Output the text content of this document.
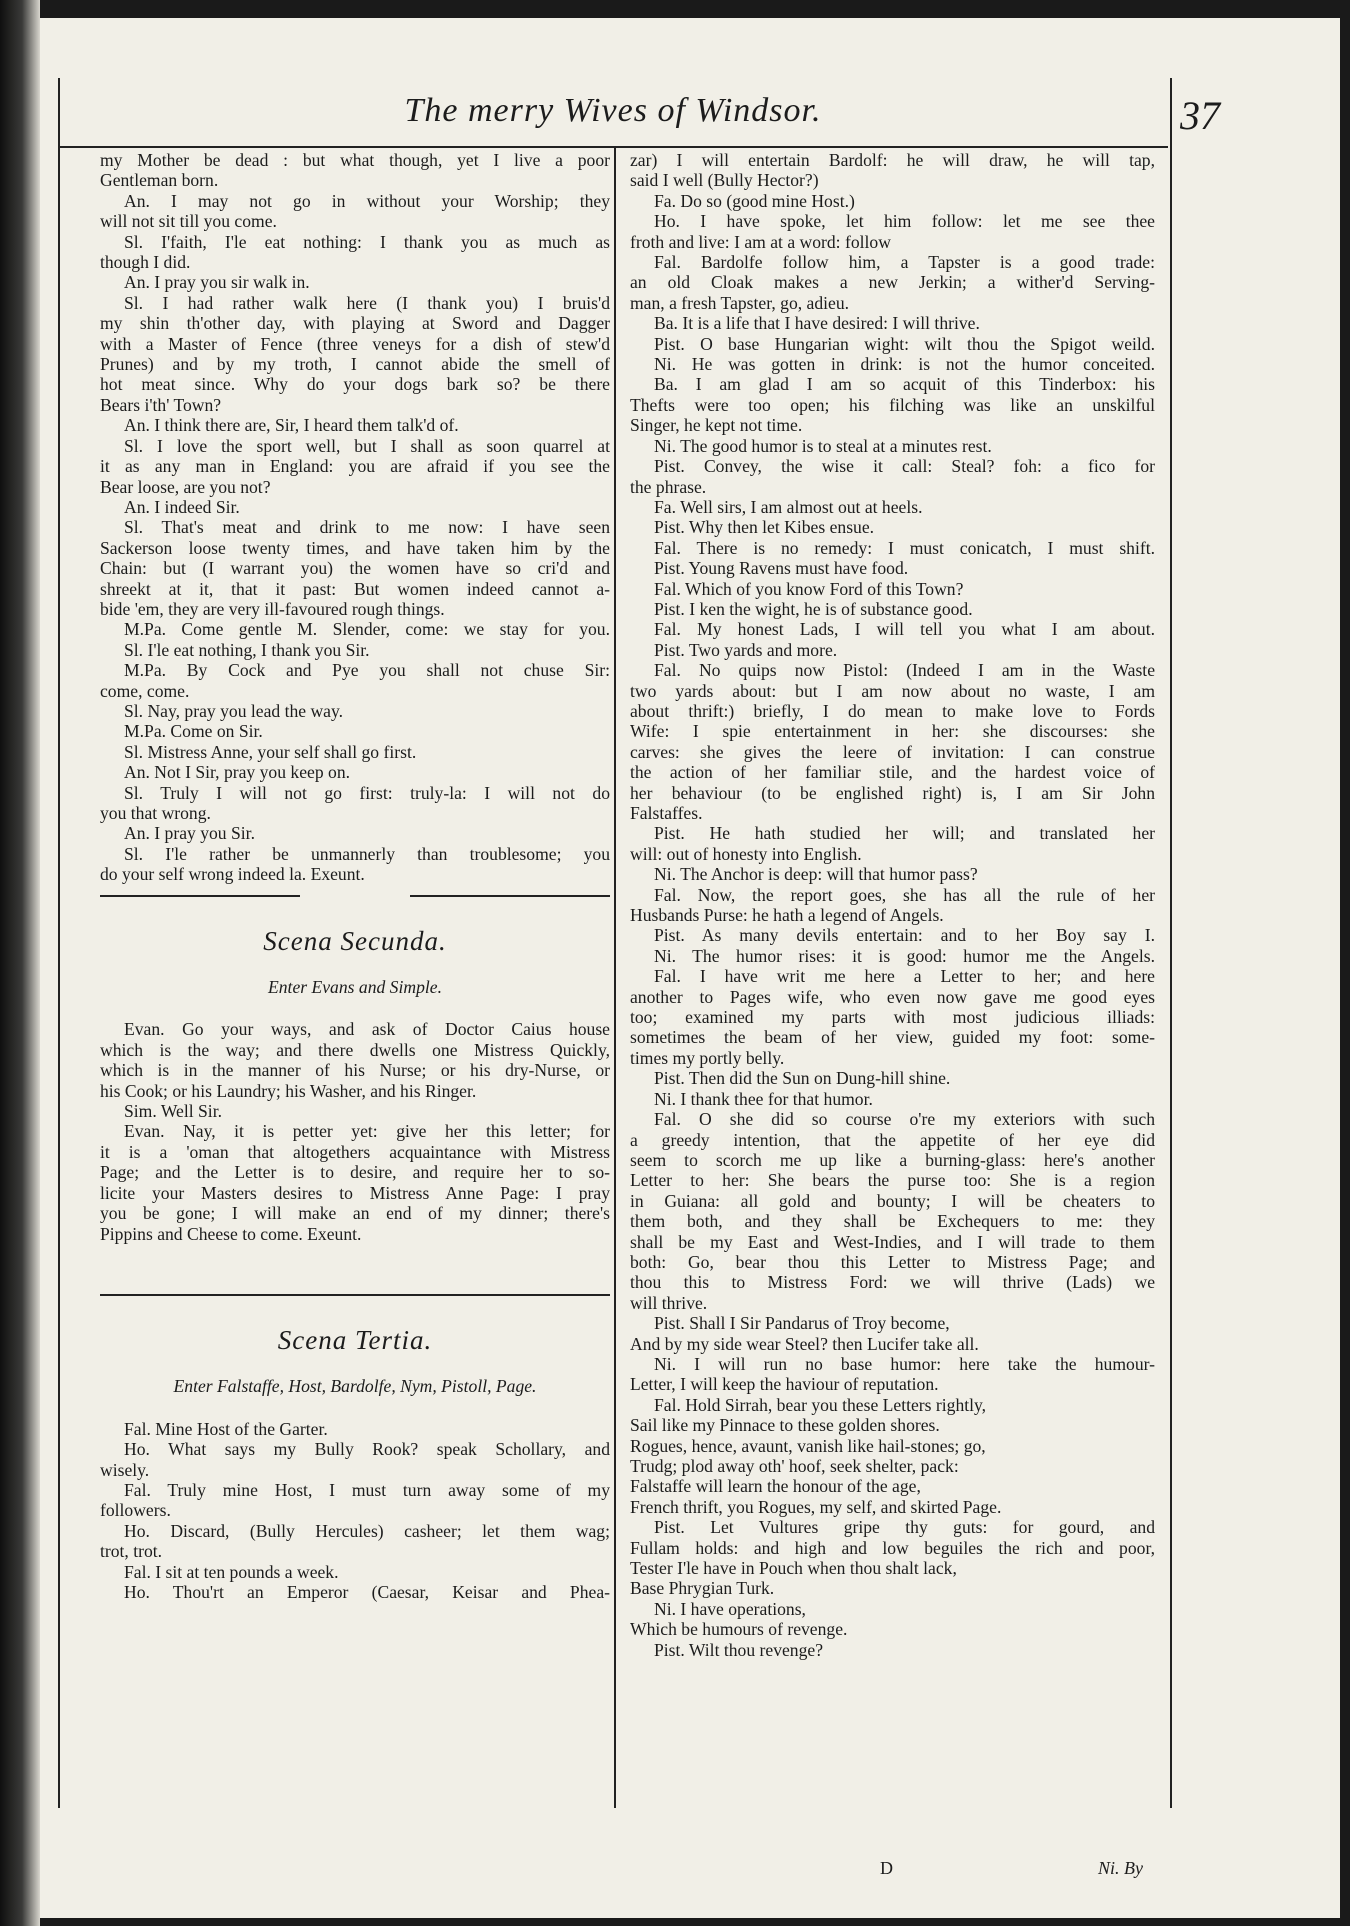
The merry Wives of Windsor.	37
my Mother be dead : but what though, yet I live a poor
Gentleman born.
An. I may not go in without your Worship; they
will not sit till you come.
Sl. I'faith, I'le eat nothing: I thank you as much as
though I did.
An. I pray you sir walk in.
Sl. I had rather walk here (I thank you) I bruis'd
my shin th'other day, with playing at Sword and Dagger
with a Master of Fence (three veneys for a dish of stew'd
Prunes) and by my troth, I cannot abide the smell of
hot meat since. Why do your dogs bark so? be there
Bears i'th' Town?
An. I think there are, Sir, I heard them talk'd of.
Sl. I love the sport well, but I shall as soon quarrel at
it as any man in England: you are afraid if you see the
Bear loose, are you not?
An. I indeed Sir.
Sl. That's meat and drink to me now: I have seen
Sackerson loose twenty times, and have taken him by the
Chain: but (I warrant you) the women have so cri'd and
shreekt at it, that it past: But women indeed cannot a-
bide 'em, they are very ill-favoured rough things.
M.Pa. Come gentle M. Slender, come: we stay for you.
Sl. I'le eat nothing, I thank you Sir.
M.Pa. By Cock and Pye you shall not chuse Sir:
come, come.
Sl. Nay, pray you lead the way.
M.Pa. Come on Sir.
Sl. Mistress Anne, your self shall go first.
An. Not I Sir, pray you keep on.
Sl. Truly I will not go first: truly-la: I will not do
you that wrong.
An. I pray you Sir.
Sl. I'le rather be unmannerly than troublesome; you
do your self wrong indeed la. Exeunt.
Scena Secunda.
Enter Evans and Simple.
Evan. Go your ways, and ask of Doctor Caius house
which is the way; and there dwells one Mistress Quickly,
which is in the manner of his Nurse; or his dry-Nurse, or
his Cook; or his Laundry; his Washer, and his Ringer.
Sim. Well Sir.
Evan. Nay, it is petter yet: give her this letter; for
it is a 'oman that altogethers acquaintance with Mistress
Page; and the Letter is to desire, and require her to so-
licite your Masters desires to Mistress Anne Page: I pray
you be gone; I will make an end of my dinner; there's
Pippins and Cheese to come. Exeunt.
Scena Tertia.
Enter Falstaffe, Host, Bardolfe, Nym, Pistoll, Page.
Fal. Mine Host of the Garter.
Ho. What says my Bully Rook? speak Schollary, and
wisely.
Fal. Truly mine Host, I must turn away some of my
followers.
Ho. Discard, (Bully Hercules) casheer; let them wag;
trot, trot.
Fal. I sit at ten pounds a week.
Ho. Thou'rt an Emperor (Caesar, Keisar and Phea-
zar) I will entertain Bardolf: he will draw, he will tap,
said I well (Bully Hector?)
Fa. Do so (good mine Host.)
Ho. I have spoke, let him follow: let me see thee
froth and live: I am at a word: follow
Fal. Bardolfe follow him, a Tapster is a good trade:
an old Cloak makes a new Jerkin; a wither'd Serving-
man, a fresh Tapster, go, adieu.
Ba. It is a life that I have desired: I will thrive.
Pist. O base Hungarian wight: wilt thou the Spigot weild.
Ni. He was gotten in drink: is not the humor conceited.
Ba. I am glad I am so acquit of this Tinderbox: his
Thefts were too open; his filching was like an unskilful
Singer, he kept not time.
Ni. The good humor is to steal at a minutes rest.
Pist. Convey, the wise it call: Steal? foh: a fico for
the phrase.
Fa. Well sirs, I am almost out at heels.
Pist. Why then let Kibes ensue.
Fal. There is no remedy: I must conicatch, I must shift.
Pist. Young Ravens must have food.
Fal. Which of you know Ford of this Town?
Pist. I ken the wight, he is of substance good.
Fal. My honest Lads, I will tell you what I am about.
Pist. Two yards and more.
Fal. No quips now Pistol: (Indeed I am in the Waste
two yards about: but I am now about no waste, I am
about thrift:) briefly, I do mean to make love to Fords
Wife: I spie entertainment in her: she discourses: she
carves: she gives the leere of invitation: I can construe
the action of her familiar stile, and the hardest voice of
her behaviour (to be englished right) is, I am Sir John
Falstaffes.
Pist. He hath studied her will; and translated her
will: out of honesty into English.
Ni. The Anchor is deep: will that humor pass?
Fal. Now, the report goes, she has all the rule of her
Husbands Purse: he hath a legend of Angels.
Pist. As many devils entertain: and to her Boy say I.
Ni. The humor rises: it is good: humor me the Angels.
Fal. I have writ me here a Letter to her; and here
another to Pages wife, who even now gave me good eyes
too; examined my parts with most judicious illiads:
sometimes the beam of her view, guided my foot: some-
times my portly belly.
Pist. Then did the Sun on Dung-hill shine.
Ni. I thank thee for that humor.
Fal. O she did so course o're my exteriors with such
a greedy intention, that the appetite of her eye did
seem to scorch me up like a burning-glass: here's another
Letter to her: She bears the purse too: She is a region
in Guiana: all gold and bounty; I will be cheaters to
them both, and they shall be Exchequers to me: they
shall be my East and West-Indies, and I will trade to them
both: Go, bear thou this Letter to Mistress Page; and
thou this to Mistress Ford: we will thrive (Lads) we
will thrive.
Pist. Shall I Sir Pandarus of Troy become,
And by my side wear Steel? then Lucifer take all.
Ni. I will run no base humor: here take the humour-
Letter, I will keep the haviour of reputation.
Fal. Hold Sirrah, bear you these Letters rightly,
Sail like my Pinnace to these golden shores.
Rogues, hence, avaunt, vanish like hail-stones; go,
Trudg; plod away oth' hoof, seek shelter, pack:
Falstaffe will learn the honour of the age,
French thrift, you Rogues, my self, and skirted Page.
Pist. Let Vultures gripe thy guts: for gourd, and
Fullam holds: and high and low beguiles the rich and poor,
Tester I'le have in Pouch when thou shalt lack,
Base Phrygian Turk.
Ni. I have operations,
Which be humours of revenge.
Pist. Wilt thou revenge?
D	Ni. By
